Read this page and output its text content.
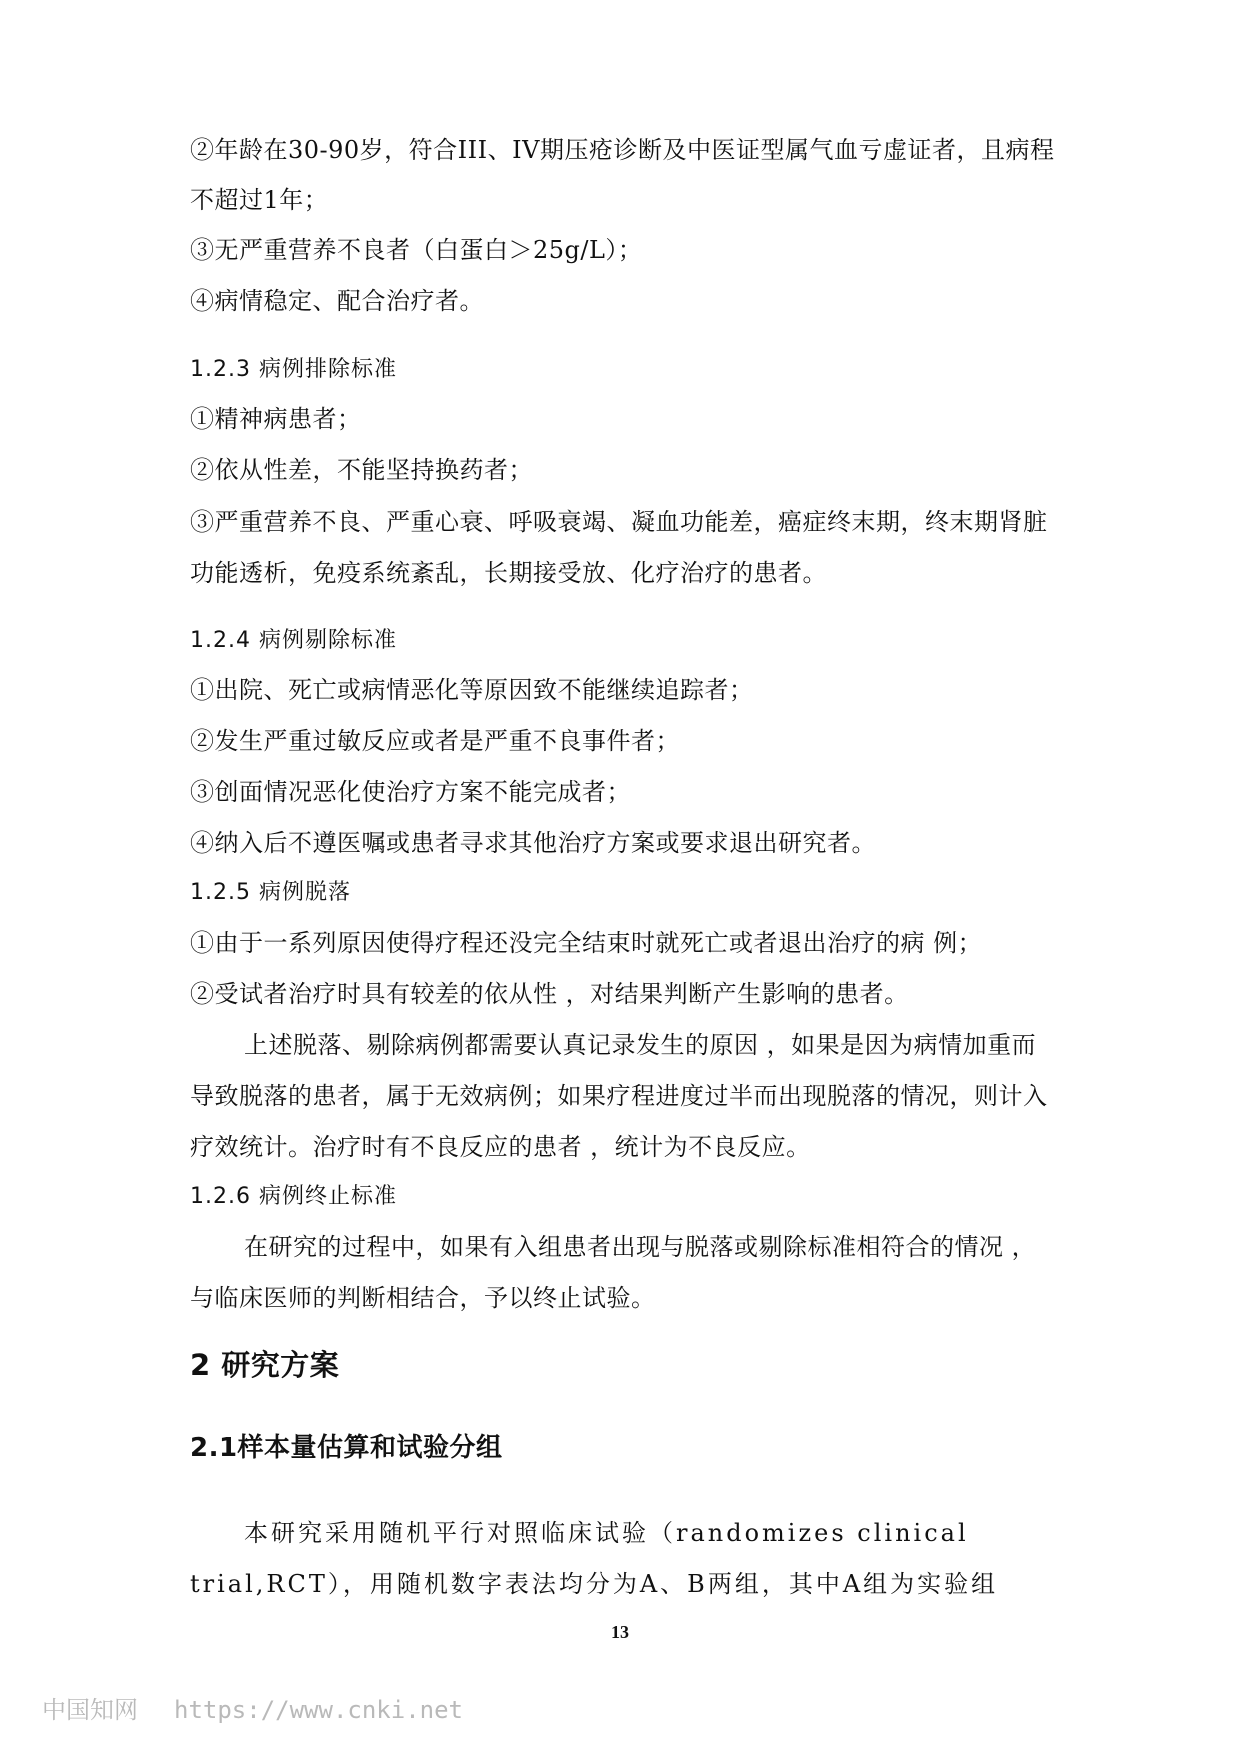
②年龄在30-90岁，符合III、IV期压疮诊断及中医证型属气血亏虚证者，且病程
不超过1年；
③无严重营养不良者（白蛋白＞25g/L）；
④病情稳定、配合治疗者。
1.2.3 病例排除标准
①精神病患者；
②依从性差，不能坚持换药者；
③严重营养不良、严重心衰、呼吸衰竭、凝血功能差，癌症终末期，终末期肾脏
功能透析，免疫系统紊乱，长期接受放、化疗治疗的患者。
1.2.4 病例剔除标准
①出院、死亡或病情恶化等原因致不能继续追踪者；
②发生严重过敏反应或者是严重不良事件者；
③创面情况恶化使治疗方案不能完成者；
④纳入后不遵医嘱或患者寻求其他治疗方案或要求退出研究者。
1.2.5 病例脱落
①由于一系列原因使得疗程还没完全结束时就死亡或者退出治疗的病 例；
②受试者治疗时具有较差的依从性 ，对结果判断产生影响的患者。
上述脱落、剔除病例都需要认真记录发生的原因 ，如果是因为病情加重而
导致脱落的患者，属于无效病例；如果疗程进度过半而出现脱落的情况，则计入
疗效统计。治疗时有不良反应的患者 ，统计为不良反应。
1.2.6 病例终止标准
在研究的过程中，如果有入组患者出现与脱落或剔除标准相符合的情况 ，
与临床医师的判断相结合，予以终止试验。
2 研究方案
2.1样本量估算和试验分组
本研究采用随机平行对照临床试验（randomizes clinical
trial,RCT），用随机数字表法均分为A、B两组，其中A组为实验组
13
中国知网 https://www.cnki.net
